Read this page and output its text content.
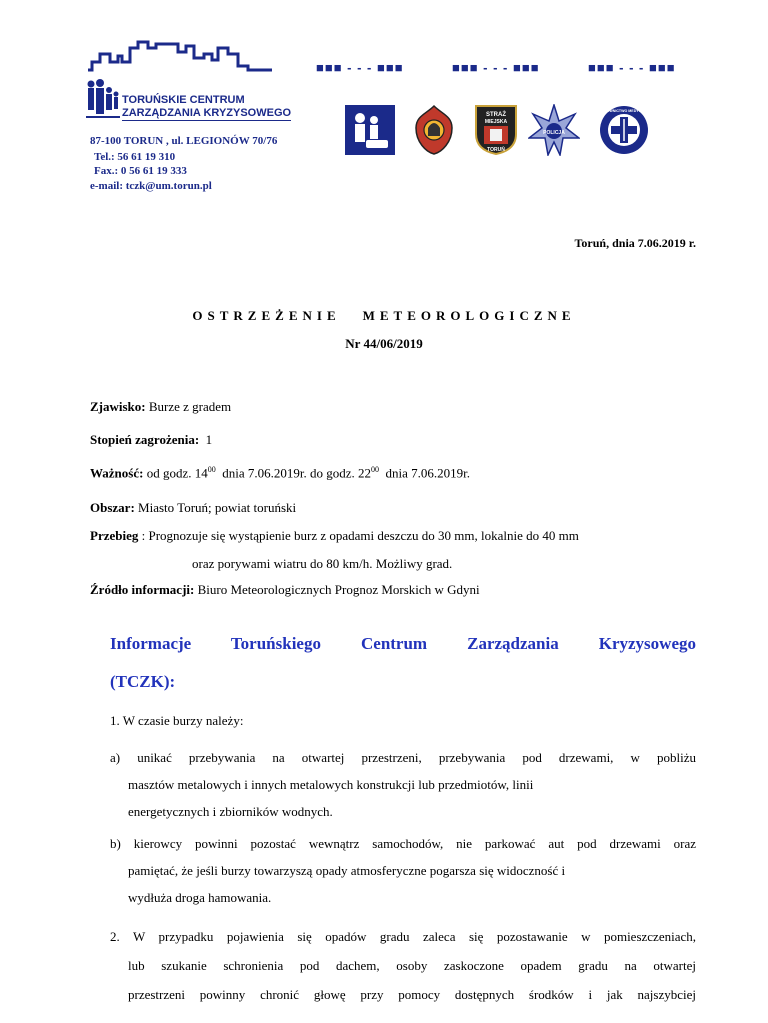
TORUŃSKIE CENTRUM
ZARZĄDZANIA KRYZYSOWEGO
87-100 TORUN , ul. LEGIONÓW 70/76
Tel.: 56 61 19 310
Fax.: 0 56 61 19 333
e-mail: tczk@um.torun.pl
■■■ - - - ■■■	■■■ - - - ■■■	■■■ - - - ■■■
STRAŻ
MIEJSKA
TORUŃ
POLICJA
RATOWNICTWO MEDYCZNE
Toruń, dnia 7.06.2019 r.
OSTRZEŻENIE METEOROLOGICZNE
Nr 44/06/2019
Zjawisko: Burze z gradem
Stopień zagrożenia: 1
Ważność: od godz. $14^{00}$ dnia 7.06.2019r. do godz. $22^{00}$ dnia 7.06.2019r.
Obszar: Miasto Toruń; powiat toruński
Przebieg : Prognozuje się wystąpienie burz z opadami deszczu do 30 mm, lokalnie do 40 mm
oraz porywami wiatru do 80 km/h. Możliwy grad.
Źródło informacji: Biuro Meteorologicznych Prognoz Morskich w Gdyni
Informacje Toruńskiego Centrum Zarządzania Kryzysowego
(TCZK):
1. W czasie burzy należy:
a) unikać przebywania na otwartej przestrzeni, przebywania pod drzewami, w pobliżu
masztów metalowych i innych metalowych konstrukcji lub przedmiotów, linii
energetycznych i zbiorników wodnych.
b) kierowcy powinni pozostać wewnątrz samochodów, nie parkować aut pod drzewami oraz
pamiętać, że jeśli burzy towarzyszą opady atmosferyczne pogarsza się widoczność i
wydłuża droga hamowania.
2. W przypadku pojawienia się opadów gradu zaleca się pozostawanie w pomieszczeniach,
lub szukanie schronienia pod dachem, osoby zaskoczone opadem gradu na otwartej
przestrzeni powinny chronić głowę przy pomocy dostępnych środków i jak najszybciej
